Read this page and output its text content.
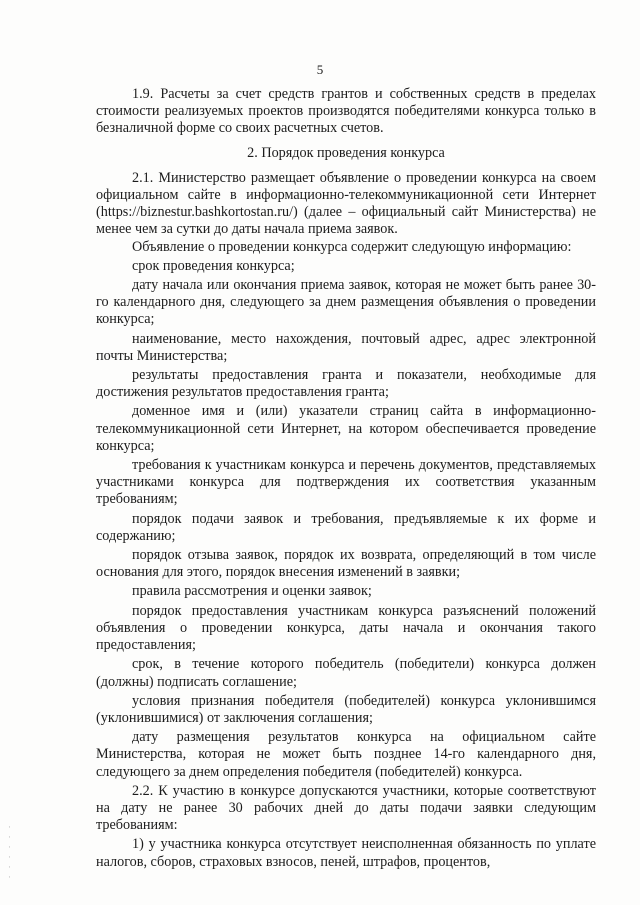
5

1.9. Расчеты за счет средств грантов и собственных средств в пределах стоимости реализуемых проектов производятся победителями конкурса только в безналичной форме со своих расчетных счетов.

2. Порядок проведения конкурса

2.1. Министерство размещает объявление о проведении конкурса на своем официальном сайте в информационно-телекоммуникационной сети Интернет (https://biznestur.bashkortostan.ru/) (далее – официальный сайт Министерства) не менее чем за сутки до даты начала приема заявок.

Объявление о проведении конкурса содержит следующую информацию:

срок проведения конкурса;

дату начала или окончания приема заявок, которая не может быть ранее 30-го календарного дня, следующего за днем размещения объявления о проведении конкурса;

наименование, место нахождения, почтовый адрес, адрес электронной почты Министерства;

результаты предоставления гранта и показатели, необходимые для достижения результатов предоставления гранта;

доменное имя и (или) указатели страниц сайта в информационно-телекоммуникационной сети Интернет, на котором обеспечивается проведение конкурса;

требования к участникам конкурса и перечень документов, представляемых участниками конкурса для подтверждения их соответствия указанным требованиям;

порядок подачи заявок и требования, предъявляемые к их форме и содержанию;

порядок отзыва заявок, порядок их возврата, определяющий в том числе основания для этого, порядок внесения изменений в заявки;

правила рассмотрения и оценки заявок;

порядок предоставления участникам конкурса разъяснений положений объявления о проведении конкурса, даты начала и окончания такого предоставления;

срок, в течение которого победитель (победители) конкурса должен (должны) подписать соглашение;

условия признания победителя (победителей) конкурса уклонившимся (уклонившимися) от заключения соглашения;

дату размещения результатов конкурса на официальном сайте Министерства, которая не может быть позднее 14-го календарного дня, следующего за днем определения победителя (победителей) конкурса.

2.2. К участию в конкурсе допускаются участники, которые соответствуют на дату не ранее 30 рабочих дней до даты подачи заявки следующим требованиям:

1) у участника конкурса отсутствует неисполненная обязанность по уплате налогов, сборов, страховых взносов, пеней, штрафов, процентов,

·
·
·
·
·
·
